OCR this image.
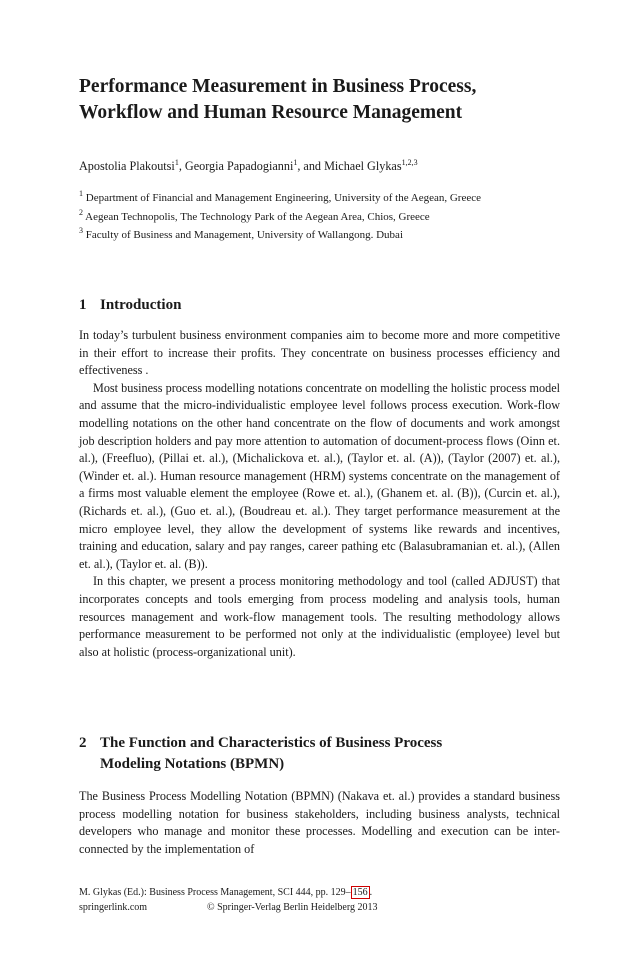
Performance Measurement in Business Process,
Workflow and Human Resource Management
Apostolia Plakoutsi$^1$, Georgia Papadogianni$^1$, and Michael Glykas$^{1,2,3}$
$^1$ Department of Financial and Management Engineering, University of the Aegean, Greece
$^2$ Aegean Technopolis, The Technology Park of the Aegean Area, Chios, Greece
$^3$ Faculty of Business and Management, University of Wallangong. Dubai
1 Introduction

In today’s turbulent business environment companies aim to become more and more competitive in their effort to increase their profits. They concentrate on business processes efficiency and effectiveness .

Most business process modelling notations concentrate on modelling the holistic process model and assume that the micro-individualistic employee level follows process execution. Work-flow modelling notations on the other hand concentrate on the flow of documents and work amongst job description holders and pay more attention to automation of document-process flows (Oinn et. al.), (Freefluo), (Pillai et. al.), (Michalickova et. al.), (Taylor et. al. (A)), (Taylor (2007) et. al.), (Winder et. al.). Human resource management (HRM) systems concentrate on the management of a firms most valuable element the employee (Rowe et. al.), (Ghanem et. al. (B)), (Curcin et. al.), (Richards et. al.), (Guo et. al.), (Boudreau et. al.). They target performance measurement at the micro employee level, they allow the development of systems like rewards and incentives, training and education, salary and pay ranges, career pathing etc (Balasubramanian et. al.), (Allen et. al.), (Taylor et. al. (B)).

In this chapter, we present a process monitoring methodology and tool (called ADJUST) that incorporates concepts and tools emerging from process modeling and analysis tools, human resources management and work-flow management tools. The resulting methodology allows performance measurement to be performed not only at the individualistic (employee) level but also at holistic (process-organizational unit).

2 The Function and Characteristics of Business Process
Modeling Notations (BPMN)

The Business Process Modelling Notation (BPMN) (Nakava et. al.) provides a standard business process modelling notation for business stakeholders, including business analysts, technical developers who manage and monitor these processes. Modelling and execution can be inter-connected by the implementation of

M. Glykas (Ed.): Business Process Management, SCI 444, pp. 129– 156 .
springerlink.com	© Springer-Verlag Berlin Heidelberg 2013
